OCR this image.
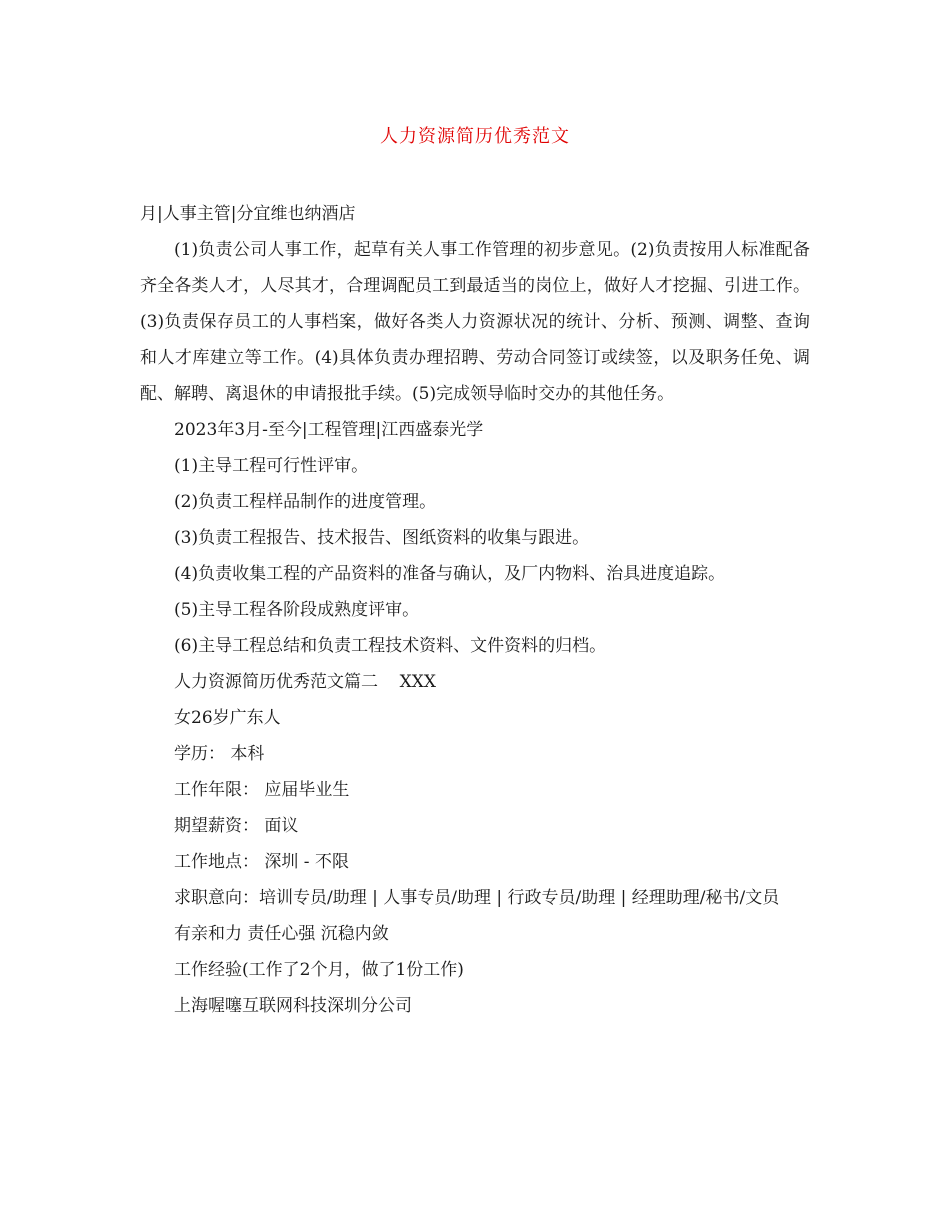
人力资源简历优秀范文

月|人事主管|分宜维也纳酒店

(1)负责公司人事工作，起草有关人事工作管理的初步意见。(2)负责按用人标准配备齐全各类人才，人尽其才，合理调配员工到最适当的岗位上，做好人才挖掘、引进工作。(3)负责保存员工的人事档案，做好各类人力资源状况的统计、分析、预测、调整、查询和人才库建立等工作。(4)具体负责办理招聘、劳动合同签订或续签，以及职务任免、调配、解聘、离退休的申请报批手续。(5)完成领导临时交办的其他任务。

2023年3月-至今|工程管理|江西盛泰光学

(1)主导工程可行性评审。

(2)负责工程样品制作的进度管理。

(3)负责工程报告、技术报告、图纸资料的收集与跟进。

(4)负责收集工程的产品资料的准备与确认，及厂内物料、治具进度追踪。

(5)主导工程各阶段成熟度评审。

(6)主导工程总结和负责工程技术资料、文件资料的归档。

人力资源简历优秀范文篇二    XXX

女26岁广东人

学历： 本科

工作年限： 应届毕业生

期望薪资： 面议

工作地点： 深圳 - 不限

求职意向：培训专员/助理 | 人事专员/助理 | 行政专员/助理 | 经理助理/秘书/文员

有亲和力 责任心强 沉稳内敛

工作经验(工作了2个月，做了1份工作)

上海喔噻互联网科技深圳分公司
